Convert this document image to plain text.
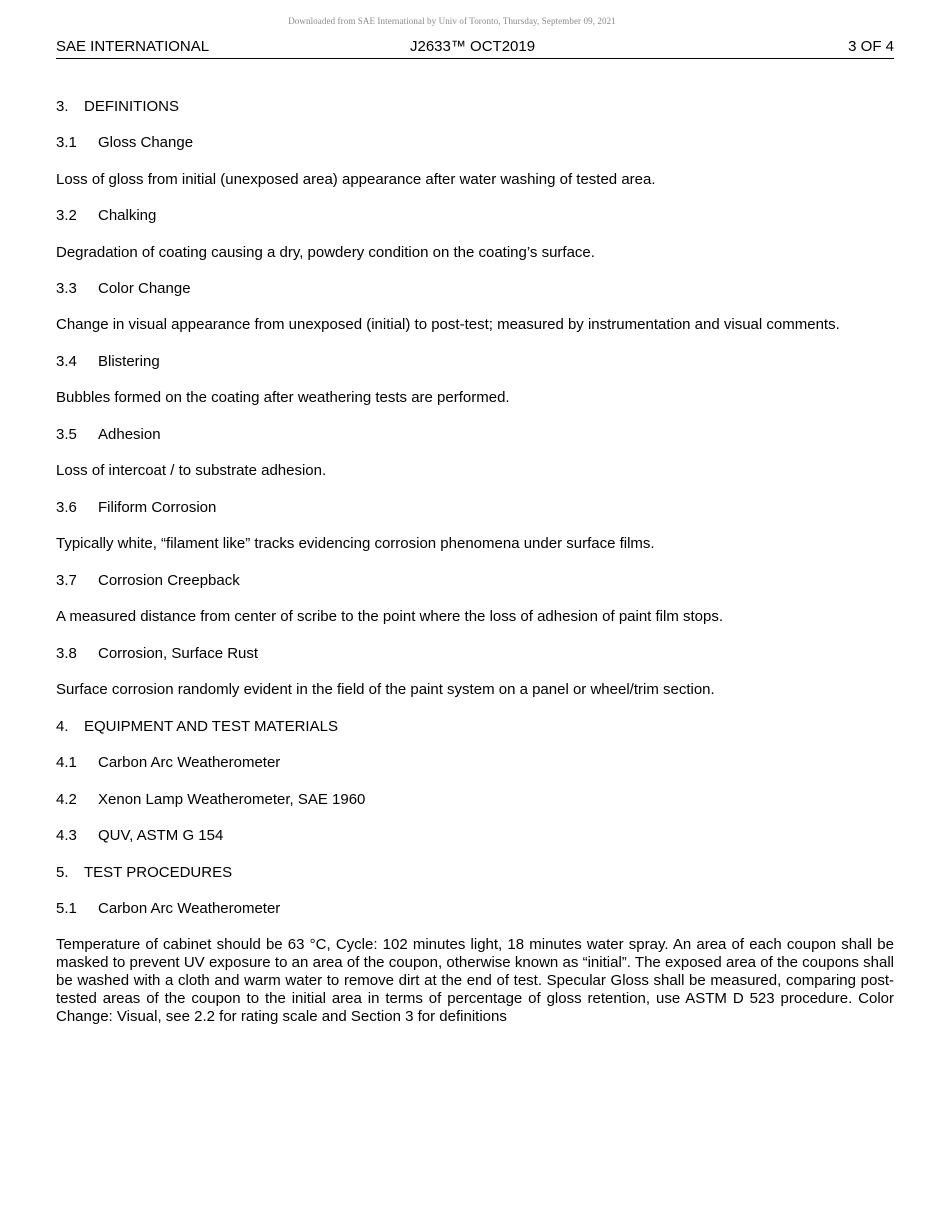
Downloaded from SAE International by Univ of Toronto, Thursday, September 09, 2021
SAE INTERNATIONAL	J2633™ OCT2019	3 OF 4
3. DEFINITIONS
3.1 Gloss Change
Loss of gloss from initial (unexposed area) appearance after water washing of tested area.
3.2 Chalking
Degradation of coating causing a dry, powdery condition on the coating’s surface.
3.3 Color Change
Change in visual appearance from unexposed (initial) to post-test; measured by instrumentation and visual comments.
3.4 Blistering
Bubbles formed on the coating after weathering tests are performed.
3.5 Adhesion
Loss of intercoat / to substrate adhesion.
3.6 Filiform Corrosion
Typically white, “filament like” tracks evidencing corrosion phenomena under surface films.
3.7 Corrosion Creepback
A measured distance from center of scribe to the point where the loss of adhesion of paint film stops.
3.8 Corrosion, Surface Rust
Surface corrosion randomly evident in the field of the paint system on a panel or wheel/trim section.
4. EQUIPMENT AND TEST MATERIALS
4.1 Carbon Arc Weatherometer
4.2 Xenon Lamp Weatherometer, SAE 1960
4.3 QUV, ASTM G 154
5. TEST PROCEDURES
5.1 Carbon Arc Weatherometer
Temperature of cabinet should be 63 °C, Cycle: 102 minutes light, 18 minutes water spray. An area of each coupon shall be masked to prevent UV exposure to an area of the coupon, otherwise known as “initial”. The exposed area of the coupons shall be washed with a cloth and warm water to remove dirt at the end of test. Specular Gloss shall be measured, comparing post-tested areas of the coupon to the initial area in terms of percentage of gloss retention, use ASTM D 523 procedure. Color Change: Visual, see 2.2 for rating scale and Section 3 for definitions
